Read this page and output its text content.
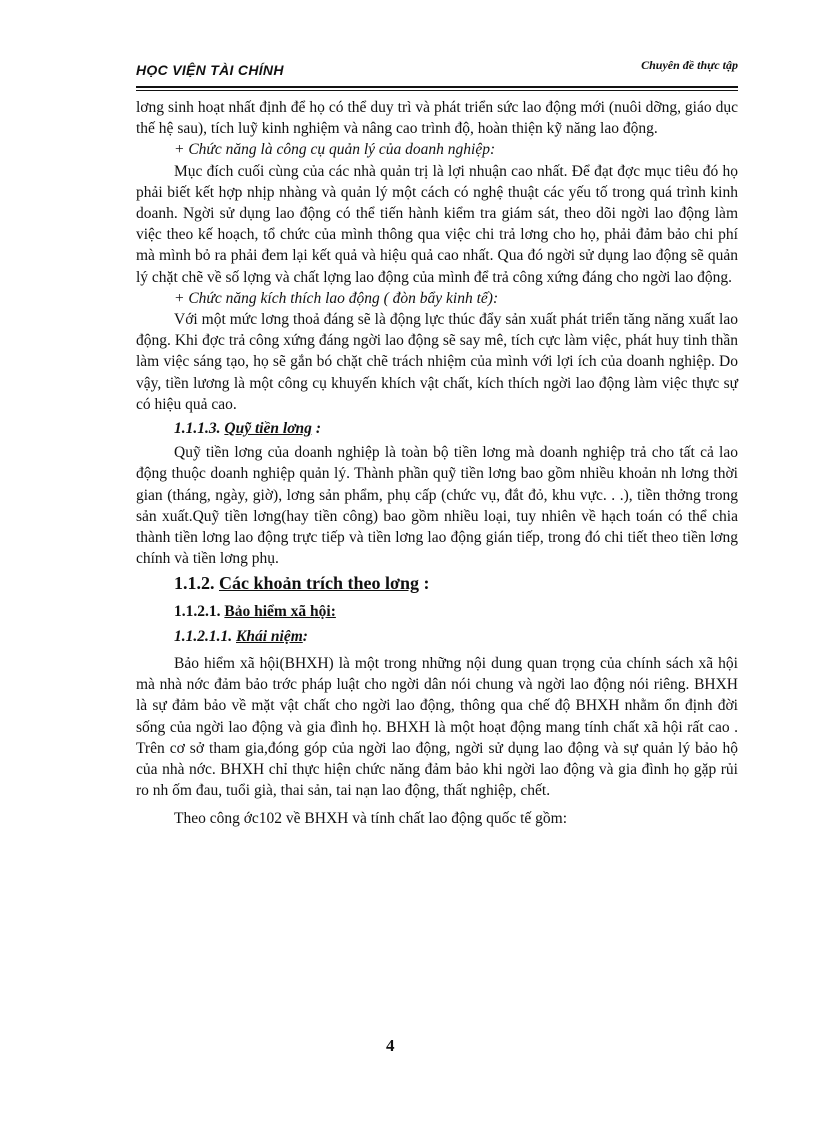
HỌC VIỆN TÀI CHÍNH	Chuyên đề thực tập

lơng sinh hoạt nhất định để họ có thể duy trì và phát triển sức lao động mới (nuôi dỡng, giáo dục thế hệ sau), tích luỹ kinh nghiệm và nâng cao trình độ, hoàn thiện kỹ năng lao động.

+ Chức năng là công cụ quản lý của doanh nghiệp:

Mục đích cuối cùng của các nhà quản trị là lợi nhuận cao nhất. Để đạt đợc mục tiêu đó họ phải biết kết hợp nhịp nhàng và quản lý một cách có nghệ thuật các yếu tố trong quá trình kinh doanh. Ngời sử dụng lao động có thể tiến hành kiểm tra giám sát, theo dõi ngời lao động làm việc theo kế hoạch, tổ chức của mình thông qua việc chi trả lơng cho họ, phải đảm bảo chi phí mà mình bỏ ra phải đem lại kết quả và hiệu quả cao nhất. Qua đó ngời sử dụng lao động sẽ quản lý chặt chẽ về số lợng và chất lợng lao động của mình để trả công xứng đáng cho ngời lao động.

+ Chức năng kích thích lao động ( đòn bẩy kinh tế):

Với một mức lơng thoả đáng sẽ là động lực thúc đẩy sản xuất phát triển tăng năng xuất lao động. Khi đợc trả công xứng đáng ngời lao động sẽ say mê, tích cực làm việc, phát huy tinh thần làm việc sáng tạo, họ sẽ gắn bó chặt chẽ trách nhiệm của mình với lợi ích của doanh nghiệp. Do vậy, tiền lương là một công cụ khuyến khích vật chất, kích thích ngời lao động làm việc thực sự có hiệu quả cao.

1.1.1.3. Quỹ tiền lơng :

Quỹ tiền lơng của doanh nghiệp là toàn bộ tiền lơng mà doanh nghiệp trả cho tất cả lao động thuộc doanh nghiệp quản lý. Thành phần quỹ tiền lơng bao gồm nhiều khoản nh lơng thời gian (tháng, ngày, giờ), lơng sản phẩm, phụ cấp (chức vụ, đắt đỏ, khu vực. . .), tiền thởng trong sản xuất.Quỹ tiền lơng(hay tiền công) bao gồm nhiều loại, tuy nhiên về hạch toán có thể chia thành tiền lơng lao động trực tiếp và tiền lơng lao động gián tiếp, trong đó chi tiết theo tiền lơng chính và tiền lơng phụ.

1.1.2. Các khoản trích theo lơng :
1.1.2.1. Bảo hiểm xã hội:
1.1.2.1.1. Khái niệm:

Bảo hiểm xã hội(BHXH) là một trong những nội dung quan trọng của chính sách xã hội mà nhà nớc đảm bảo trớc pháp luật cho ngời dân nói chung và ngời lao động nói riêng. BHXH là sự đảm bảo về mặt vật chất cho ngời lao động, thông qua chế độ BHXH nhằm ổn định đời sống của ngời lao động và gia đình họ. BHXH là một hoạt động mang tính chất xã hội rất cao . Trên cơ sở tham gia,đóng góp của ngời lao động, ngời sử dụng lao động và sự quản lý bảo hộ của nhà nớc. BHXH chỉ thực hiện chức năng đảm bảo khi ngời lao động và gia đình họ gặp rủi ro nh ốm đau, tuổi già, thai sản, tai nạn lao động, thất nghiệp, chết.

Theo công ớc102 về BHXH và tính chất lao động quốc tế gồm:

4
